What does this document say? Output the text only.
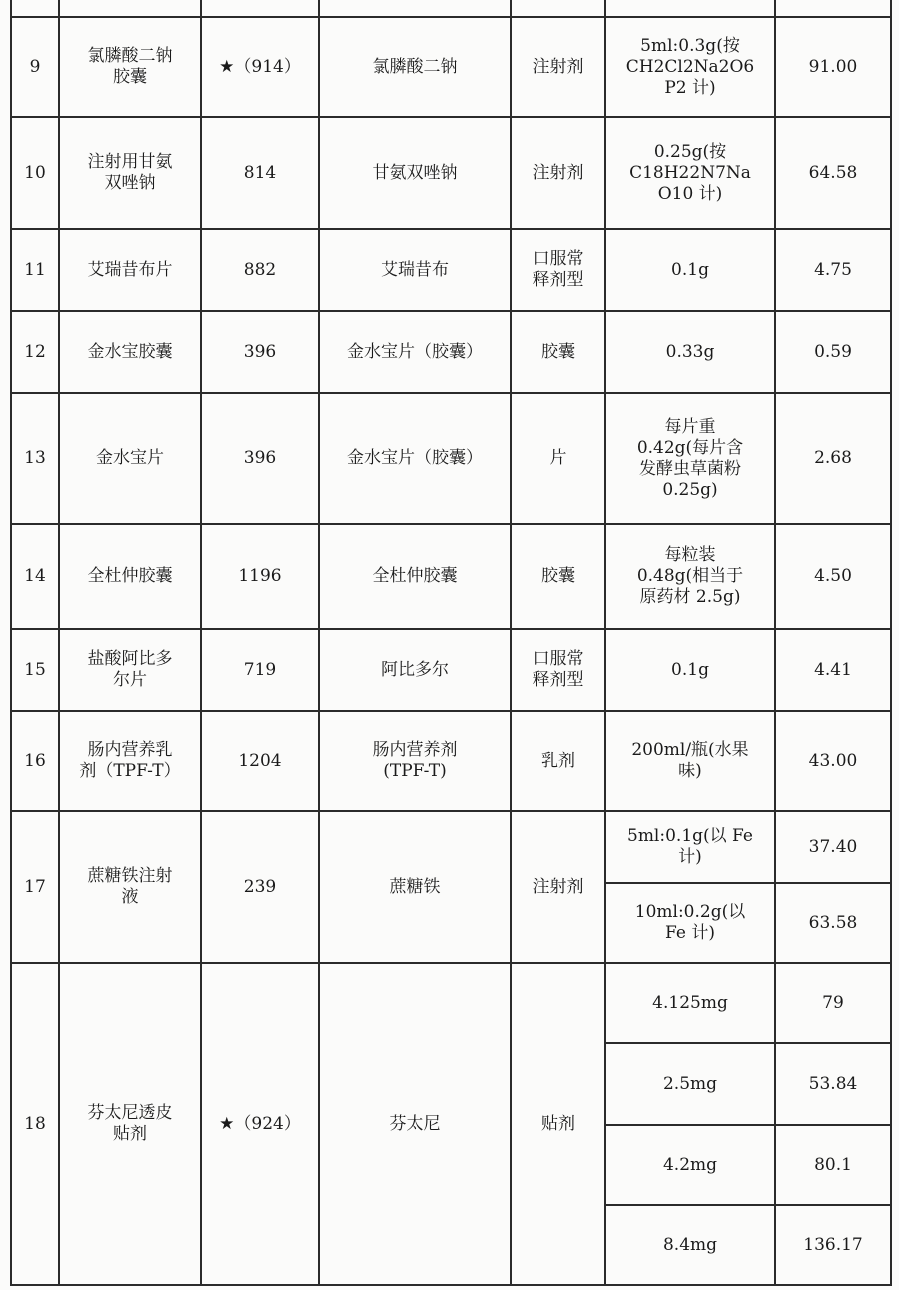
9	氯膦酸二钠
胶囊	★（914）	氯膦酸二钠	注射剂	5ml:0.3g(按
CH2Cl2Na2O6
P2 计)	91.00
10	注射用甘氨
双唑钠	814	甘氨双唑钠	注射剂	0.25g(按
C18H22N7Na
O10 计)	64.58
11	艾瑞昔布片	882	艾瑞昔布	口服常
释剂型	0.1g	4.75
12	金水宝胶囊	396	金水宝片（胶囊）	胶囊	0.33g	0.59
13	金水宝片	396	金水宝片（胶囊）	片	每片重
0.42g(每片含
发酵虫草菌粉
0.25g)	2.68
14	全杜仲胶囊	1196	全杜仲胶囊	胶囊	每粒装
0.48g(相当于
原药材 2.5g)	4.50
15	盐酸阿比多
尔片	719	阿比多尔	口服常
释剂型	0.1g	4.41
16	肠内营养乳
剂（TPF-T）	1204	肠内营养剂
(TPF-T)	乳剂	200ml/瓶(水果
味)	43.00
17	蔗糖铁注射
液	239	蔗糖铁	注射剂	5ml:0.1g(以 Fe
计)	37.40
					10ml:0.2g(以
Fe 计)	63.58
18	芬太尼透皮
贴剂	★（924）	芬太尼	贴剂	4.125mg	79
					2.5mg	53.84
					4.2mg	80.1
					8.4mg	136.17
